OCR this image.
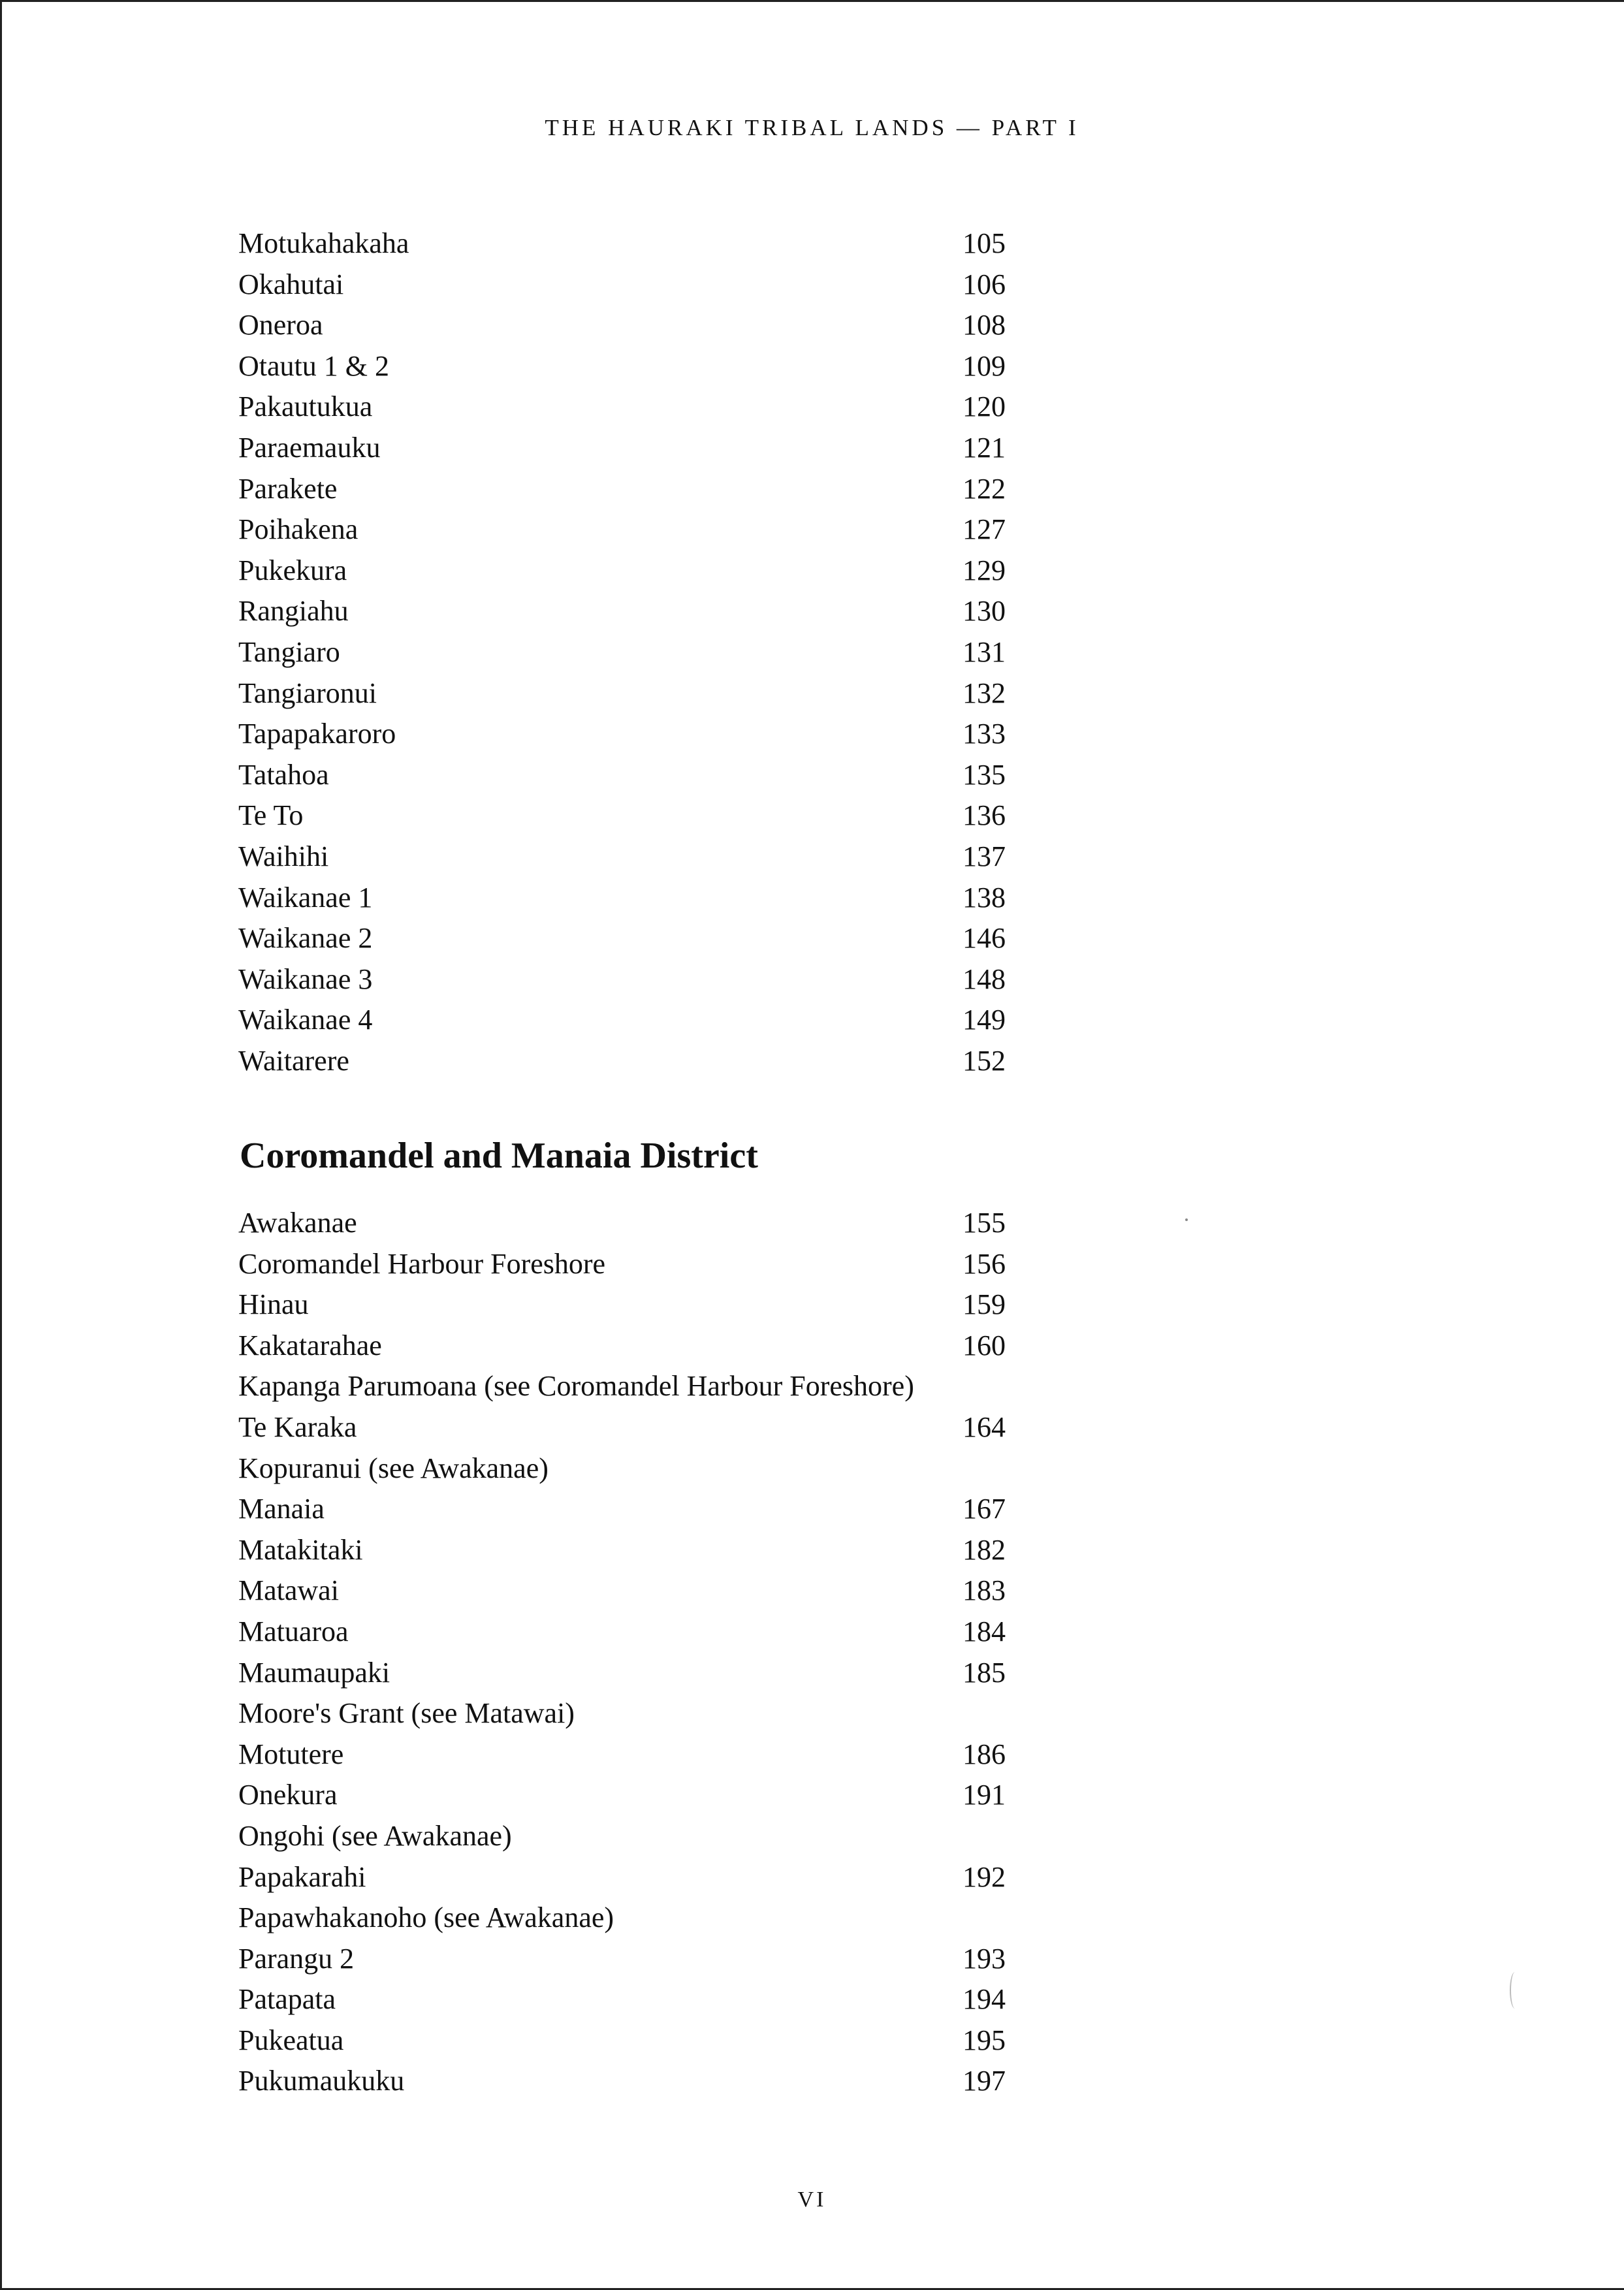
THE HAURAKI TRIBAL LANDS — PART I
Motukahakaha	105
Okahutai	106
Oneroa	108
Otautu 1 & 2	109
Pakautukua	120
Paraemauku	121
Parakete	122
Poihakena	127
Pukekura	129
Rangiahu	130
Tangiaro	131
Tangiaronui	132
Tapapakaroro	133
Tatahoa	135
Te To	136
Waihihi	137
Waikanae 1	138
Waikanae 2	146
Waikanae 3	148
Waikanae 4	149
Waitarere	152
Coromandel and Manaia District
Awakanae	155
Coromandel Harbour Foreshore	156
Hinau	159
Kakatarahae	160
Kapanga Parumoana (see Coromandel Harbour Foreshore)
Te Karaka	164
Kopuranui (see Awakanae)
Manaia	167
Matakitaki	182
Matawai	183
Matuaroa	184
Maumaupaki	185
Moore's Grant (see Matawai)
Motutere	186
Onekura	191
Ongohi (see Awakanae)
Papakarahi	192
Papawhakanoho (see Awakanae)
Parangu 2	193
Patapata	194
Pukeatua	195
Pukumaukuku	197
VI
